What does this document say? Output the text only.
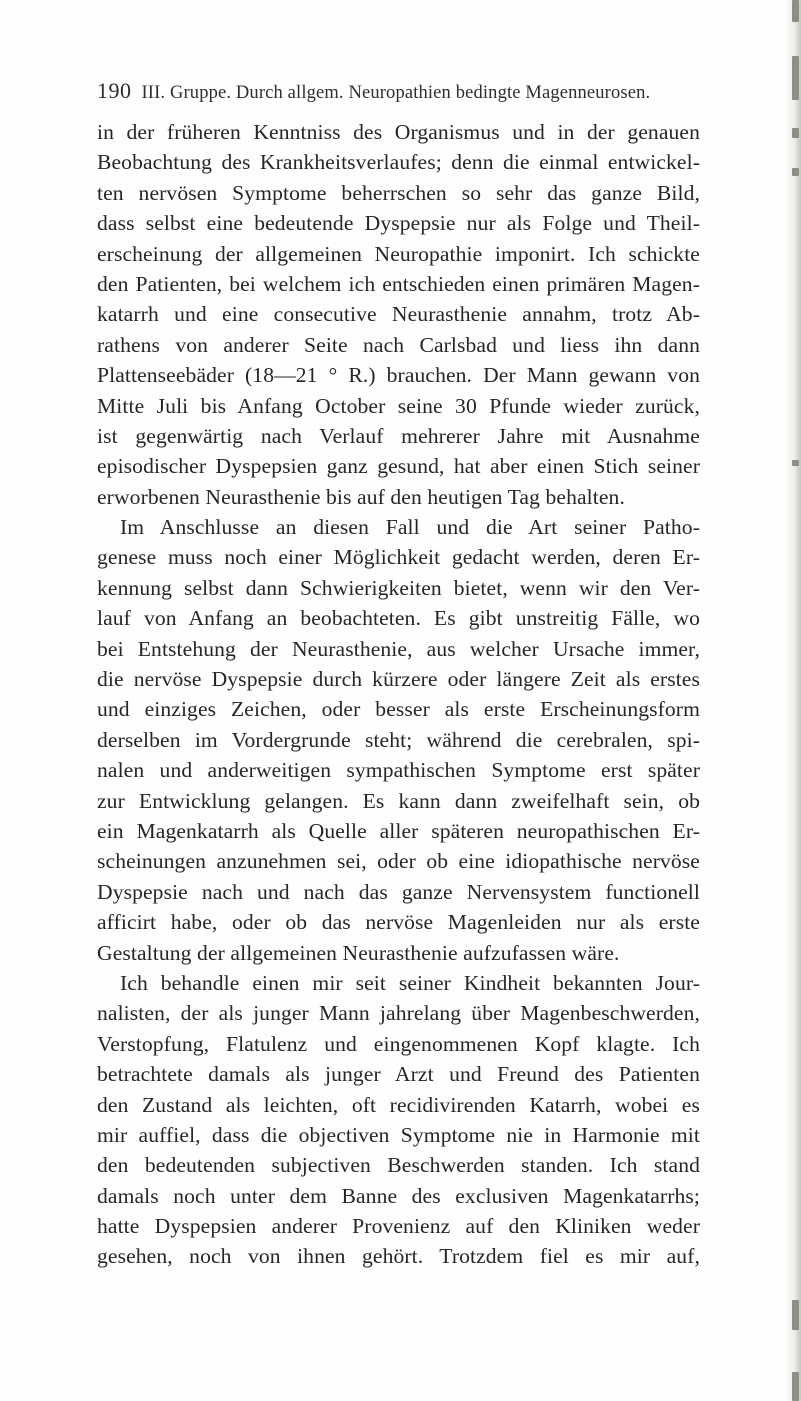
190 III. Gruppe. Durch allgem. Neuropathien bedingte Magenneurosen.
in der früheren Kenntniss des Organismus und in der genauen
Beobachtung des Krankheitsverlaufes; denn die einmal entwickel-
ten nervösen Symptome beherrschen so sehr das ganze Bild,
dass selbst eine bedeutende Dyspepsie nur als Folge und Theil-
erscheinung der allgemeinen Neuropathie imponirt. Ich schickte
den Patienten, bei welchem ich entschieden einen primären Magen-
katarrh und eine consecutive Neurasthenie annahm, trotz Ab-
rathens von anderer Seite nach Carlsbad und liess ihn dann
Plattenseebäder (18—21 ° R.) brauchen. Der Mann gewann von
Mitte Juli bis Anfang October seine 30 Pfunde wieder zurück,
ist gegenwärtig nach Verlauf mehrerer Jahre mit Ausnahme
episodischer Dyspepsien ganz gesund, hat aber einen Stich seiner
erworbenen Neurasthenie bis auf den heutigen Tag behalten.
Im Anschlusse an diesen Fall und die Art seiner Patho-
genese muss noch einer Möglichkeit gedacht werden, deren Er-
kennung selbst dann Schwierigkeiten bietet, wenn wir den Ver-
lauf von Anfang an beobachteten. Es gibt unstreitig Fälle, wo
bei Entstehung der Neurasthenie, aus welcher Ursache immer,
die nervöse Dyspepsie durch kürzere oder längere Zeit als erstes
und einziges Zeichen, oder besser als erste Erscheinungsform
derselben im Vordergrunde steht; während die cerebralen, spi-
nalen und anderweitigen sympathischen Symptome erst später
zur Entwicklung gelangen. Es kann dann zweifelhaft sein, ob
ein Magenkatarrh als Quelle aller späteren neuropathischen Er-
scheinungen anzunehmen sei, oder ob eine idiopathische nervöse
Dyspepsie nach und nach das ganze Nervensystem functionell
afficirt habe, oder ob das nervöse Magenleiden nur als erste
Gestaltung der allgemeinen Neurasthenie aufzufassen wäre.
Ich behandle einen mir seit seiner Kindheit bekannten Jour-
nalisten, der als junger Mann jahrelang über Magenbeschwerden,
Verstopfung, Flatulenz und eingenommenen Kopf klagte. Ich
betrachtete damals als junger Arzt und Freund des Patienten
den Zustand als leichten, oft recidivirenden Katarrh, wobei es
mir auffiel, dass die objectiven Symptome nie in Harmonie mit
den bedeutenden subjectiven Beschwerden standen. Ich stand
damals noch unter dem Banne des exclusiven Magenkatarrhs;
hatte Dyspepsien anderer Provenienz auf den Kliniken weder
gesehen, noch von ihnen gehört. Trotzdem fiel es mir auf,
